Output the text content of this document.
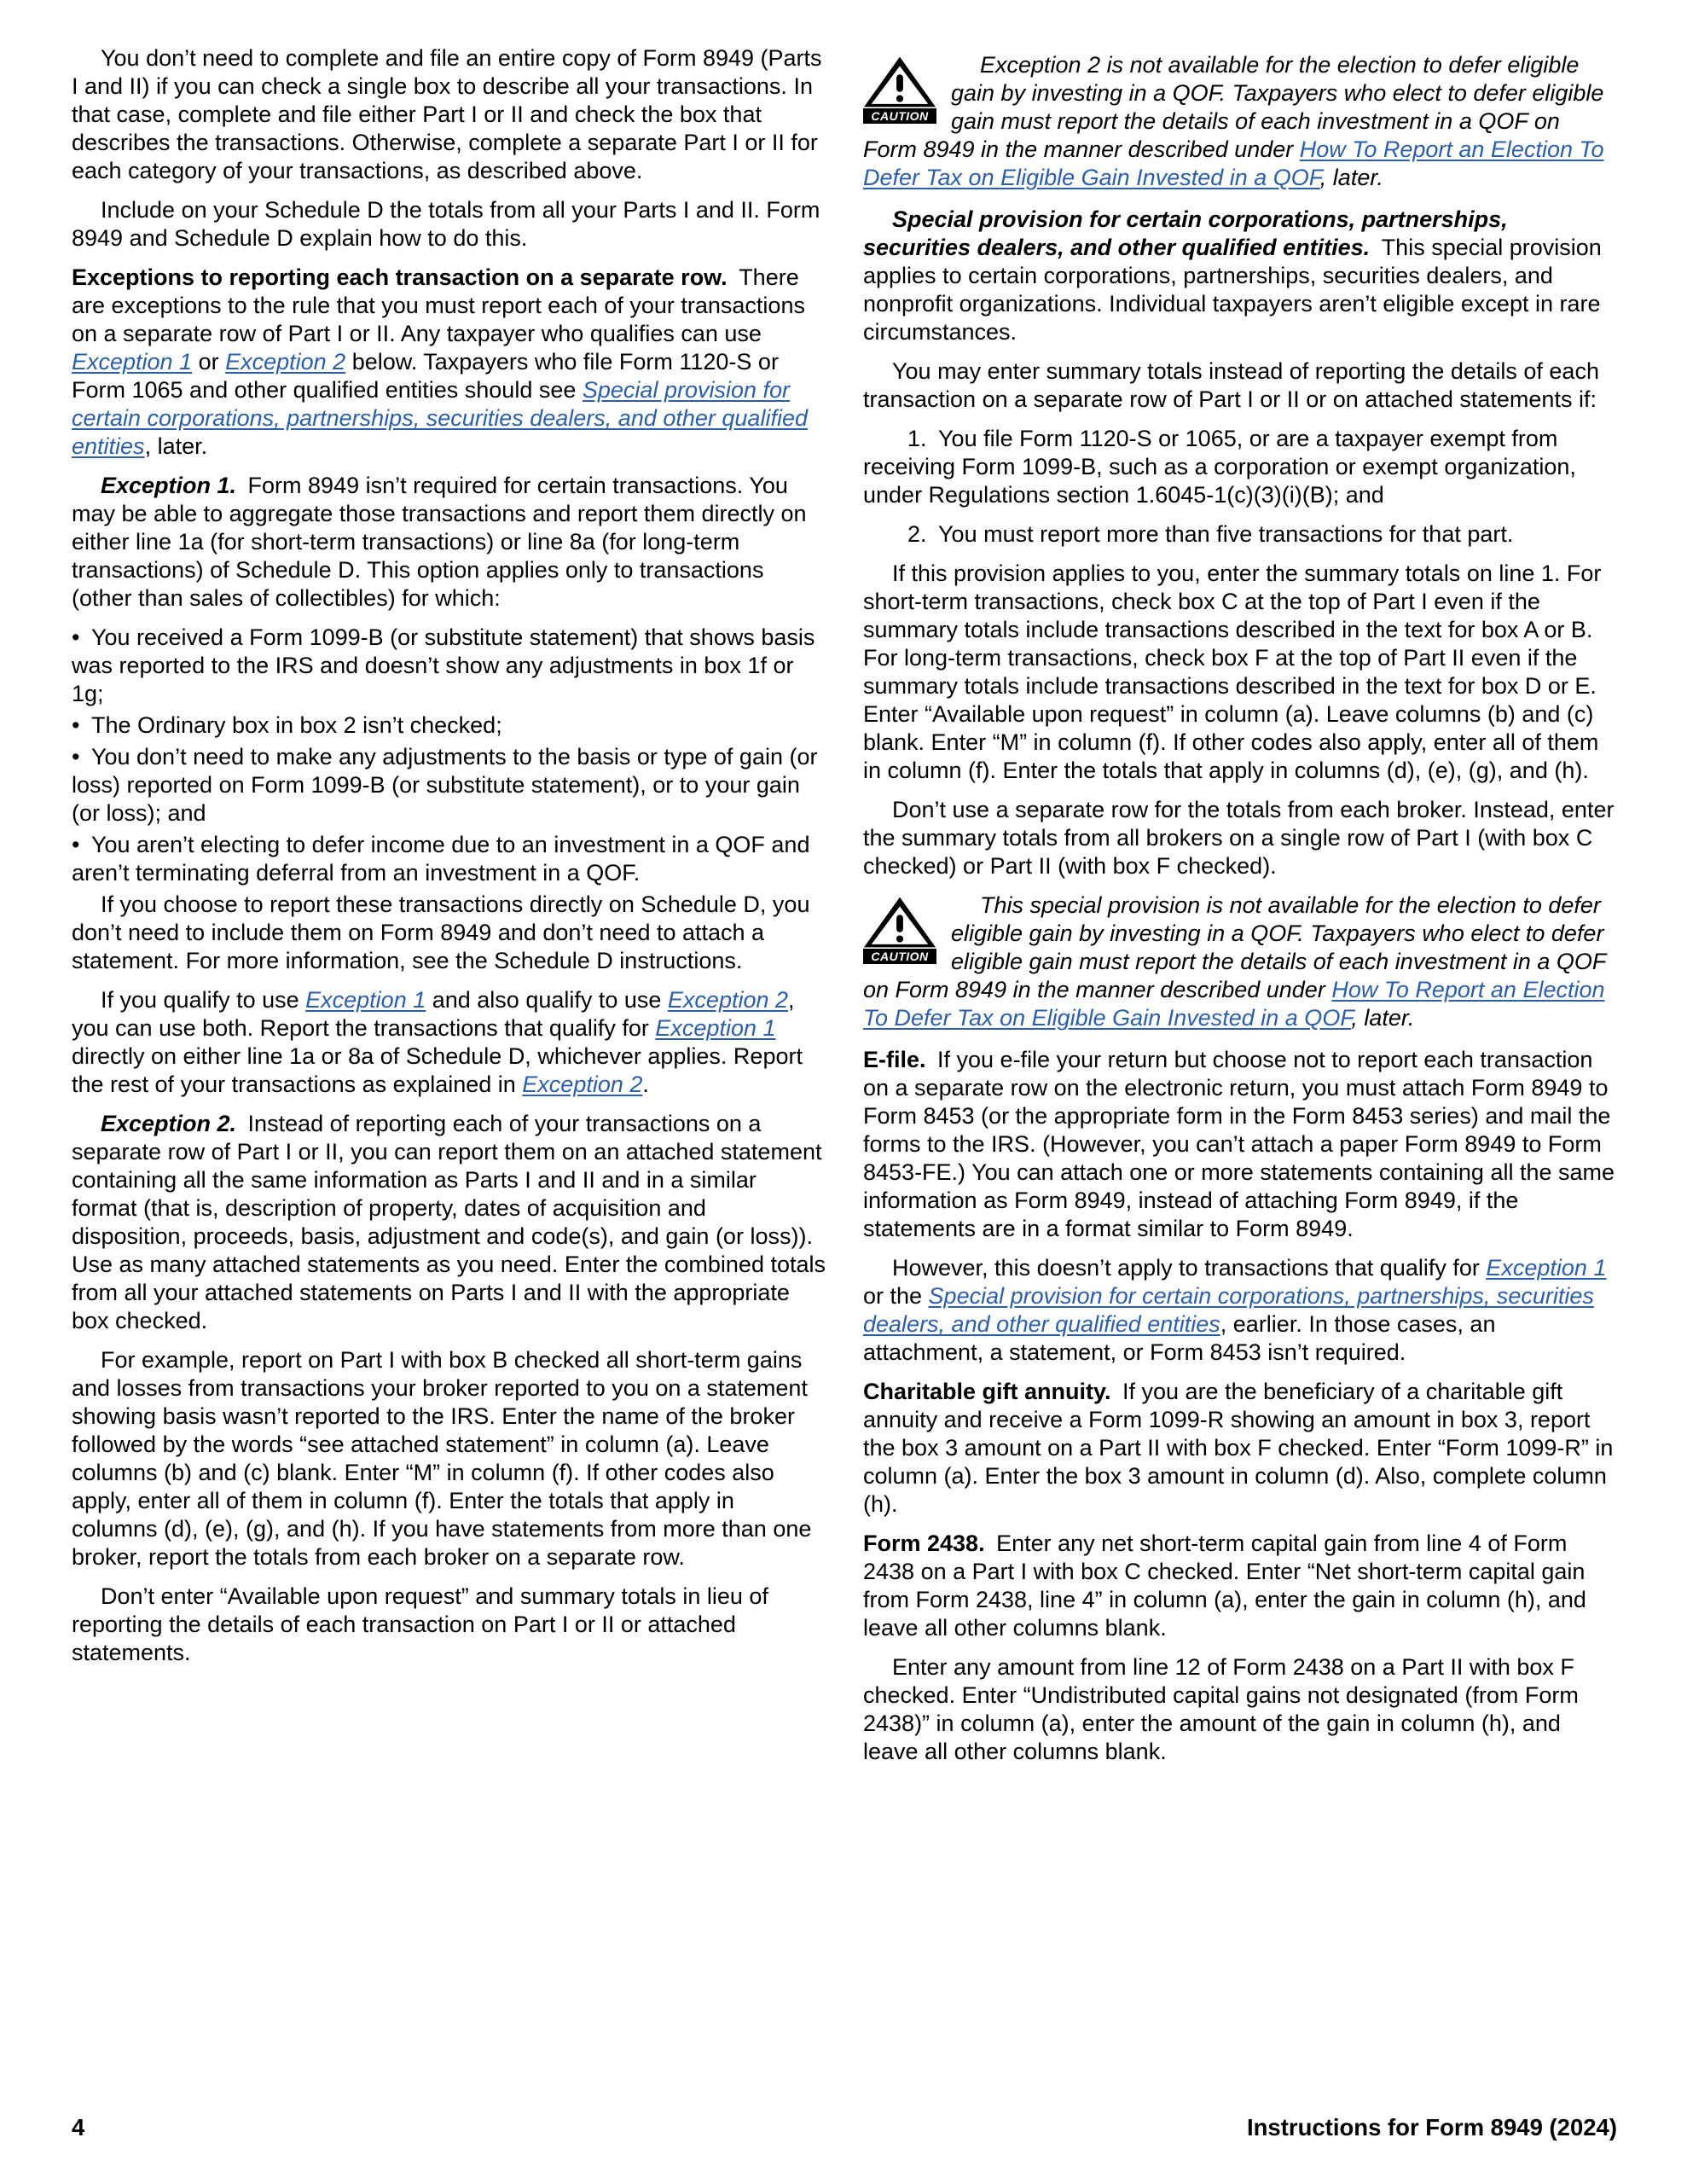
You don’t need to complete and file an entire copy of Form 8949 (Parts I and II) if you can check a single box to describe all your transactions. In that case, complete and file either Part I or II and check the box that describes the transactions. Otherwise, complete a separate Part I or II for each category of your transactions, as described above.

Include on your Schedule D the totals from all your Parts I and II. Form 8949 and Schedule D explain how to do this.

Exceptions to reporting each transaction on a separate row. There are exceptions to the rule that you must report each of your transactions on a separate row of Part I or II. Any taxpayer who qualifies can use Exception 1 or Exception 2 below. Taxpayers who file Form 1120-S or Form 1065 and other qualified entities should see Special provision for certain corporations, partnerships, securities dealers, and other qualified entities, later.

Exception 1. Form 8949 isn’t required for certain transactions. You may be able to aggregate those transactions and report them directly on either line 1a (for short-term transactions) or line 8a (for long-term transactions) of Schedule D. This option applies only to transactions (other than sales of collectibles) for which:

• You received a Form 1099-B (or substitute statement) that shows basis was reported to the IRS and doesn’t show any adjustments in box 1f or 1g;

• The Ordinary box in box 2 isn’t checked;

• You don’t need to make any adjustments to the basis or type of gain (or loss) reported on Form 1099-B (or substitute statement), or to your gain (or loss); and

• You aren’t electing to defer income due to an investment in a QOF and aren’t terminating deferral from an investment in a QOF.

If you choose to report these transactions directly on Schedule D, you don’t need to include them on Form 8949 and don’t need to attach a statement. For more information, see the Schedule D instructions.

If you qualify to use Exception 1 and also qualify to use Exception 2, you can use both. Report the transactions that qualify for Exception 1 directly on either line 1a or 8a of Schedule D, whichever applies. Report the rest of your transactions as explained in Exception 2.

Exception 2. Instead of reporting each of your transactions on a separate row of Part I or II, you can report them on an attached statement containing all the same information as Parts I and II and in a similar format (that is, description of property, dates of acquisition and disposition, proceeds, basis, adjustment and code(s), and gain (or loss)). Use as many attached statements as you need. Enter the combined totals from all your attached statements on Parts I and II with the appropriate box checked.

For example, report on Part I with box B checked all short-term gains and losses from transactions your broker reported to you on a statement showing basis wasn’t reported to the IRS. Enter the name of the broker followed by the words “see attached statement” in column (a). Leave columns (b) and (c) blank. Enter “M” in column (f). If other codes also apply, enter all of them in column (f). Enter the totals that apply in columns (d), (e), (g), and (h). If you have statements from more than one broker, report the totals from each broker on a separate row.

Don’t enter “Available upon request” and summary totals in lieu of reporting the details of each transaction on Part I or II or attached statements.

CAUTION
Exception 2 is not available for the election to defer eligible gain by investing in a QOF. Taxpayers who elect to defer eligible gain must report the details of each investment in a QOF on Form 8949 in the manner described under How To Report an Election To Defer Tax on Eligible Gain Invested in a QOF, later.

Special provision for certain corporations, partnerships, securities dealers, and other qualified entities. This special provision applies to certain corporations, partnerships, securities dealers, and nonprofit organizations. Individual taxpayers aren’t eligible except in rare circumstances.

You may enter summary totals instead of reporting the details of each transaction on a separate row of Part I or II or on attached statements if:

1. You file Form 1120-S or 1065, or are a taxpayer exempt from receiving Form 1099-B, such as a corporation or exempt organization, under Regulations section 1.6045-1(c)(3)(i)(B); and

2. You must report more than five transactions for that part.

If this provision applies to you, enter the summary totals on line 1. For short-term transactions, check box C at the top of Part I even if the summary totals include transactions described in the text for box A or B. For long-term transactions, check box F at the top of Part II even if the summary totals include transactions described in the text for box D or E. Enter “Available upon request” in column (a). Leave columns (b) and (c) blank. Enter “M” in column (f). If other codes also apply, enter all of them in column (f). Enter the totals that apply in columns (d), (e), (g), and (h).

Don’t use a separate row for the totals from each broker. Instead, enter the summary totals from all brokers on a single row of Part I (with box C checked) or Part II (with box F checked).

CAUTION
This special provision is not available for the election to defer eligible gain by investing in a QOF. Taxpayers who elect to defer eligible gain must report the details of each investment in a QOF on Form 8949 in the manner described under How To Report an Election To Defer Tax on Eligible Gain Invested in a QOF, later.

E-file. If you e-file your return but choose not to report each transaction on a separate row on the electronic return, you must attach Form 8949 to Form 8453 (or the appropriate form in the Form 8453 series) and mail the forms to the IRS. (However, you can’t attach a paper Form 8949 to Form 8453-FE.) You can attach one or more statements containing all the same information as Form 8949, instead of attaching Form 8949, if the statements are in a format similar to Form 8949.

However, this doesn’t apply to transactions that qualify for Exception 1 or the Special provision for certain corporations, partnerships, securities dealers, and other qualified entities, earlier. In those cases, an attachment, a statement, or Form 8453 isn’t required.

Charitable gift annuity. If you are the beneficiary of a charitable gift annuity and receive a Form 1099-R showing an amount in box 3, report the box 3 amount on a Part II with box F checked. Enter “Form 1099-R” in column (a). Enter the box 3 amount in column (d). Also, complete column (h).

Form 2438. Enter any net short-term capital gain from line 4 of Form 2438 on a Part I with box C checked. Enter “Net short-term capital gain from Form 2438, line 4” in column (a), enter the gain in column (h), and leave all other columns blank.

Enter any amount from line 12 of Form 2438 on a Part II with box F checked. Enter “Undistributed capital gains not designated (from Form 2438)” in column (a), enter the amount of the gain in column (h), and leave all other columns blank.

4	Instructions for Form 8949 (2024)
